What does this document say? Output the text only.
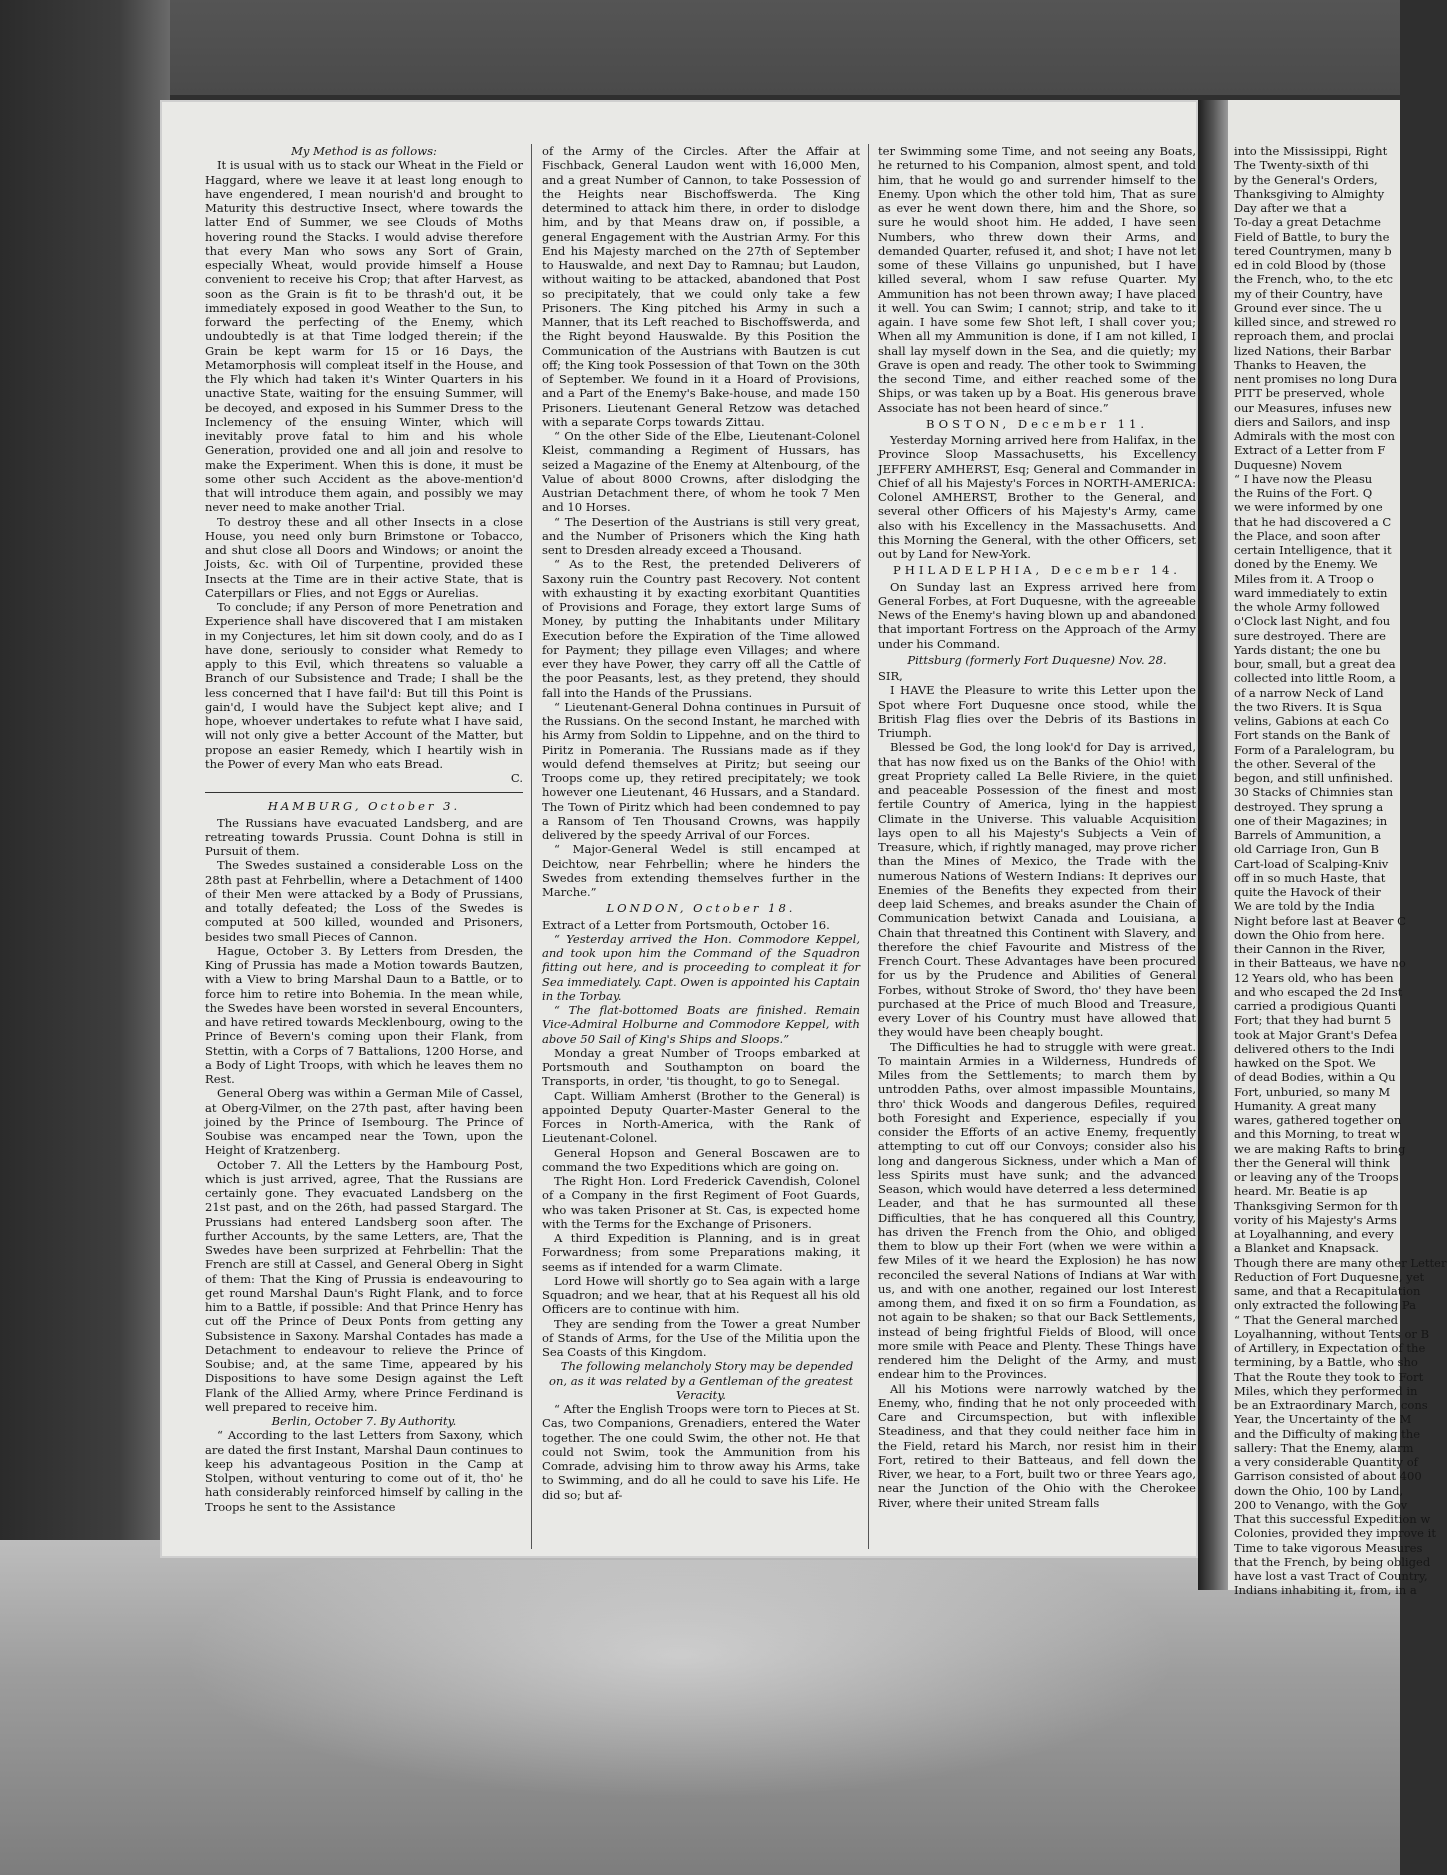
My Method is as follows:

It is usual with us to stack our Wheat in the Field or Haggard, where we leave it at least long enough to have engendered, I mean nourish'd and brought to Maturity this destructive Insect, where towards the latter End of Summer, we see Clouds of Moths hovering round the Stacks. I would advise therefore that every Man who sows any Sort of Grain, especially Wheat, would provide himself a House convenient to receive his Crop; that after Harvest, as soon as the Grain is fit to be thrash'd out, it be immediately exposed in good Weather to the Sun, to forward the perfecting of the Enemy, which undoubtedly is at that Time lodged therein; if the Grain be kept warm for 15 or 16 Days, the Metamorphosis will compleat itself in the House, and the Fly which had taken it's Winter Quarters in his unactive State, waiting for the ensuing Summer, will be decoyed, and exposed in his Summer Dress to the Inclemency of the ensuing Winter, which will inevitably prove fatal to him and his whole Generation, provided one and all join and resolve to make the Experiment. When this is done, it must be some other such Accident as the above-mention'd that will introduce them again, and possibly we may never need to make another Trial.

To destroy these and all other Insects in a close House, you need only burn Brimstone or Tobacco, and shut close all Doors and Windows; or anoint the Joists, &c. with Oil of Turpentine, provided these Insects at the Time are in their active State, that is Caterpillars or Flies, and not Eggs or Aurelias.

To conclude; if any Person of more Penetration and Experience shall have discovered that I am mistaken in my Conjectures, let him sit down cooly, and do as I have done, seriously to consider what Remedy to apply to this Evil, which threatens so valuable a Branch of our Subsistence and Trade; I shall be the less concerned that I have fail'd: But till this Point is gain'd, I would have the Subject kept alive; and I hope, whoever undertakes to refute what I have said, will not only give a better Account of the Matter, but propose an easier Remedy, which I heartily wish in the Power of every Man who eats Bread.

C.

HAMBURG, October 3.

The Russians have evacuated Landsberg, and are retreating towards Prussia. Count Dohna is still in Pursuit of them.

The Swedes sustained a considerable Loss on the 28th past at Fehrbellin, where a Detachment of 1400 of their Men were attacked by a Body of Prussians, and totally defeated; the Loss of the Swedes is computed at 500 killed, wounded and Prisoners, besides two small Pieces of Cannon.

Hague, October 3. By Letters from Dresden, the King of Prussia has made a Motion towards Bautzen, with a View to bring Marshal Daun to a Battle, or to force him to retire into Bohemia. In the mean while, the Swedes have been worsted in several Encounters, and have retired towards Mecklenbourg, owing to the Prince of Bevern's coming upon their Flank, from Stettin, with a Corps of 7 Battalions, 1200 Horse, and a Body of Light Troops, with which he leaves them no Rest.

General Oberg was within a German Mile of Cassel, at Oberg-Vilmer, on the 27th past, after having been joined by the Prince of Isembourg. The Prince of Soubise was encamped near the Town, upon the Height of Kratzenberg.

October 7. All the Letters by the Hambourg Post, which is just arrived, agree, That the Russians are certainly gone. They evacuated Landsberg on the 21st past, and on the 26th, had passed Stargard. The Prussians had entered Landsberg soon after. The further Accounts, by the same Letters, are, That the Swedes have been surprized at Fehrbellin: That the French are still at Cassel, and General Oberg in Sight of them: That the King of Prussia is endeavouring to get round Marshal Daun's Right Flank, and to force him to a Battle, if possible: And that Prince Henry has cut off the Prince of Deux Ponts from getting any Subsistence in Saxony. Marshal Contades has made a Detachment to endeavour to relieve the Prince of Soubise; and, at the same Time, appeared by his Dispositions to have some Design against the Left Flank of the Allied Army, where Prince Ferdinand is well prepared to receive him.

Berlin, October 7. By Authority.

“ According to the last Letters from Saxony, which are dated the first Instant, Marshal Daun continues to keep his advantageous Position in the Camp at Stolpen, without venturing to come out of it, tho' he hath considerably reinforced himself by calling in the Troops he sent to the Assistance

of the Army of the Circles. After the Affair at Fischback, General Laudon went with 16,000 Men, and a great Number of Cannon, to take Possession of the Heights near Bischoffswerda. The King determined to attack him there, in order to dislodge him, and by that Means draw on, if possible, a general Engagement with the Austrian Army. For this End his Majesty marched on the 27th of September to Hauswalde, and next Day to Ramnau; but Laudon, without waiting to be attacked, abandoned that Post so precipitately, that we could only take a few Prisoners. The King pitched his Army in such a Manner, that its Left reached to Bischoffswerda, and the Right beyond Hauswalde. By this Position the Communication of the Austrians with Bautzen is cut off; the King took Possession of that Town on the 30th of September. We found in it a Hoard of Provisions, and a Part of the Enemy's Bake-house, and made 150 Prisoners. Lieutenant General Retzow was detached with a separate Corps towards Zittau.

“ On the other Side of the Elbe, Lieutenant-Colonel Kleist, commanding a Regiment of Hussars, has seized a Magazine of the Enemy at Altenbourg, of the Value of about 8000 Crowns, after dislodging the Austrian Detachment there, of whom he took 7 Men and 10 Horses.

“ The Desertion of the Austrians is still very great, and the Number of Prisoners which the King hath sent to Dresden already exceed a Thousand.

“ As to the Rest, the pretended Deliverers of Saxony ruin the Country past Recovery. Not content with exhausting it by exacting exorbitant Quantities of Provisions and Forage, they extort large Sums of Money, by putting the Inhabitants under Military Execution before the Expiration of the Time allowed for Payment; they pillage even Villages; and where ever they have Power, they carry off all the Cattle of the poor Peasants, lest, as they pretend, they should fall into the Hands of the Prussians.

“ Lieutenant-General Dohna continues in Pursuit of the Russians. On the second Instant, he marched with his Army from Soldin to Lippehne, and on the third to Piritz in Pomerania. The Russians made as if they would defend themselves at Piritz; but seeing our Troops come up, they retired precipitately; we took however one Lieutenant, 46 Hussars, and a Standard. The Town of Piritz which had been condemned to pay a Ransom of Ten Thousand Crowns, was happily delivered by the speedy Arrival of our Forces.

“ Major-General Wedel is still encamped at Deichtow, near Fehrbellin; where he hinders the Swedes from extending themselves further in the Marche.”

LONDON, October 18.

Extract of a Letter from Portsmouth, October 16.

“ Yesterday arrived the Hon. Commodore Keppel, and took upon him the Command of the Squadron fitting out here, and is proceeding to compleat it for Sea immediately. Capt. Owen is appointed his Captain in the Torbay.

“ The flat-bottomed Boats are finished. Remain Vice-Admiral Holburne and Commodore Keppel, with above 50 Sail of King's Ships and Sloops.”

Monday a great Number of Troops embarked at Portsmouth and Southampton on board the Transports, in order, 'tis thought, to go to Senegal.

Capt. William Amherst (Brother to the General) is appointed Deputy Quarter-Master General to the Forces in North-America, with the Rank of Lieutenant-Colonel.

General Hopson and General Boscawen are to command the two Expeditions which are going on.

The Right Hon. Lord Frederick Cavendish, Colonel of a Company in the first Regiment of Foot Guards, who was taken Prisoner at St. Cas, is expected home with the Terms for the Exchange of Prisoners.

A third Expedition is Planning, and is in great Forwardness; from some Preparations making, it seems as if intended for a warm Climate.

Lord Howe will shortly go to Sea again with a large Squadron; and we hear, that at his Request all his old Officers are to continue with him.

They are sending from the Tower a great Number of Stands of Arms, for the Use of the Militia upon the Sea Coasts of this Kingdom.

The following melancholy Story may be depended on, as it was related by a Gentleman of the greatest Veracity.

“ After the English Troops were torn to Pieces at St. Cas, two Companions, Grenadiers, entered the Water together. The one could Swim, the other not. He that could not Swim, took the Ammunition from his Comrade, advising him to throw away his Arms, take to Swimming, and do all he could to save his Life. He did so; but af-

ter Swimming some Time, and not seeing any Boats, he returned to his Companion, almost spent, and told him, that he would go and surrender himself to the Enemy. Upon which the other told him, That as sure as ever he went down there, him and the Shore, so sure he would shoot him. He added, I have seen Numbers, who threw down their Arms, and demanded Quarter, refused it, and shot; I have not let some of these Villains go unpunished, but I have killed several, whom I saw refuse Quarter. My Ammunition has not been thrown away; I have placed it well. You can Swim; I cannot; strip, and take to it again. I have some few Shot left, I shall cover you; When all my Ammunition is done, if I am not killed, I shall lay myself down in the Sea, and die quietly; my Grave is open and ready. The other took to Swimming the second Time, and either reached some of the Ships, or was taken up by a Boat. His generous brave Associate has not been heard of since.”

BOSTON, December 11.

Yesterday Morning arrived here from Halifax, in the Province Sloop Massachusetts, his Excellency JEFFERY AMHERST, Esq; General and Commander in Chief of all his Majesty's Forces in NORTH-AMERICA: Colonel AMHERST, Brother to the General, and several other Officers of his Majesty's Army, came also with his Excellency in the Massachusetts. And this Morning the General, with the other Officers, set out by Land for New-York.

PHILADELPHIA, December 14.

On Sunday last an Express arrived here from General Forbes, at Fort Duquesne, with the agreeable News of the Enemy's having blown up and abandoned that important Fortress on the Approach of the Army under his Command.

Pittsburg (formerly Fort Duquesne) Nov. 28.

SIR,

I HAVE the Pleasure to write this Letter upon the Spot where Fort Duquesne once stood, while the British Flag flies over the Debris of its Bastions in Triumph.

Blessed be God, the long look'd for Day is arrived, that has now fixed us on the Banks of the Ohio! with great Propriety called La Belle Riviere, in the quiet and peaceable Possession of the finest and most fertile Country of America, lying in the happiest Climate in the Universe. This valuable Acquisition lays open to all his Majesty's Subjects a Vein of Treasure, which, if rightly managed, may prove richer than the Mines of Mexico, the Trade with the numerous Nations of Western Indians: It deprives our Enemies of the Benefits they expected from their deep laid Schemes, and breaks asunder the Chain of Communication betwixt Canada and Louisiana, a Chain that threatned this Continent with Slavery, and therefore the chief Favourite and Mistress of the French Court. These Advantages have been procured for us by the Prudence and Abilities of General Forbes, without Stroke of Sword, tho' they have been purchased at the Price of much Blood and Treasure, every Lover of his Country must have allowed that they would have been cheaply bought.

The Difficulties he had to struggle with were great. To maintain Armies in a Wilderness, Hundreds of Miles from the Settlements; to march them by untrodden Paths, over almost impassible Mountains, thro' thick Woods and dangerous Defiles, required both Foresight and Experience, especially if you consider the Efforts of an active Enemy, frequently attempting to cut off our Convoys; consider also his long and dangerous Sickness, under which a Man of less Spirits must have sunk; and the advanced Season, which would have deterred a less determined Leader, and that he has surmounted all these Difficulties, that he has conquered all this Country, has driven the French from the Ohio, and obliged them to blow up their Fort (when we were within a few Miles of it we heard the Explosion) he has now reconciled the several Nations of Indians at War with us, and with one another, regained our lost Interest among them, and fixed it on so firm a Foundation, as not again to be shaken; so that our Back Settlements, instead of being frightful Fields of Blood, will once more smile with Peace and Plenty. These Things have rendered him the Delight of the Army, and must endear him to the Provinces.

All his Motions were narrowly watched by the Enemy, who, finding that he not only proceeded with Care and Circumspection, but with inflexible Steadiness, and that they could neither face him in the Field, retard his March, nor resist him in their Fort, retired to their Batteaus, and fell down the River, we hear, to a Fort, built two or three Years ago, near the Junction of the Ohio with the Cherokee River, where their united Stream falls

into the Mississippi, Right

The Twenty-sixth of thi

by the General's Orders,

Thanksgiving to Almighty

Day after we that a

To-day a great Detachme

Field of Battle, to bury the

tered Countrymen, many b

ed in cold Blood by (those

the French, who, to the etc

my of their Country, have

Ground ever since. The u

killed since, and strewed ro

reproach them, and proclai

lized Nations, their Barbar

Thanks to Heaven, the

nent promises no long Dura

PITT be preserved, whole

our Measures, infuses new

diers and Sailors, and insp

Admirals with the most con

Extract of a Letter from F

Duquesne) Novem

“ I have now the Pleasu

the Ruins of the Fort. Q

we were informed by one

that he had discovered a C

the Place, and soon after

certain Intelligence, that it

doned by the Enemy. We

Miles from it. A Troop o

ward immediately to extin

the whole Army followed

o'Clock last Night, and fou

sure destroyed. There are

Yards distant; the one bu

bour, small, but a great dea

collected into little Room, a

of a narrow Neck of Land

the two Rivers. It is Squa

velins, Gabions at each Co

Fort stands on the Bank of

Form of a Paralelogram, bu

the other. Several of the

begon, and still unfinished.

30 Stacks of Chimnies stan

destroyed. They sprung a

one of their Magazines; in

Barrels of Ammunition, a

old Carriage Iron, Gun B

Cart-load of Scalping-Kniv

off in so much Haste, that

quite the Havock of their

We are told by the India

Night before last at Beaver C

down the Ohio from here.

their Cannon in the River,

in their Batteaus, we have no

12 Years old, who has been

and who escaped the 2d Inst

carried a prodigious Quanti

Fort; that they had burnt 5

took at Major Grant's Defea

delivered others to the Indi

hawked on the Spot. We

of dead Bodies, within a Qu

Fort, unburied, so many M

Humanity. A great many

wares, gathered together on

and this Morning, to treat w

we are making Rafts to bring

ther the General will think

or leaving any of the Troops

heard. Mr. Beatie is ap

Thanksgiving Sermon for th

vority of his Majesty's Arms

at Loyalhanning, and every

a Blanket and Knapsack.

Though there are many other Letter

Reduction of Fort Duquesne, yet

same, and that a Recapitulation

only extracted the following Pa

“ That the General marched

Loyalhanning, without Tents or B

of Artillery, in Expectation of the

termining, by a Battle, who sho

That the Route they took to Fort

Miles, which they performed in

be an Extraordinary March, cons

Year, the Uncertainty of the M

and the Difficulty of making the

sallery: That the Enemy, alarm

a very considerable Quantity of

Garrison consisted of about 400

down the Ohio, 100 by Land,

200 to Venango, with the Gov

That this successful Expedition w

Colonies, provided they improve it

Time to take vigorous Measures

that the French, by being obliged

have lost a vast Tract of Country,

Indians inhabiting it, from, in a
